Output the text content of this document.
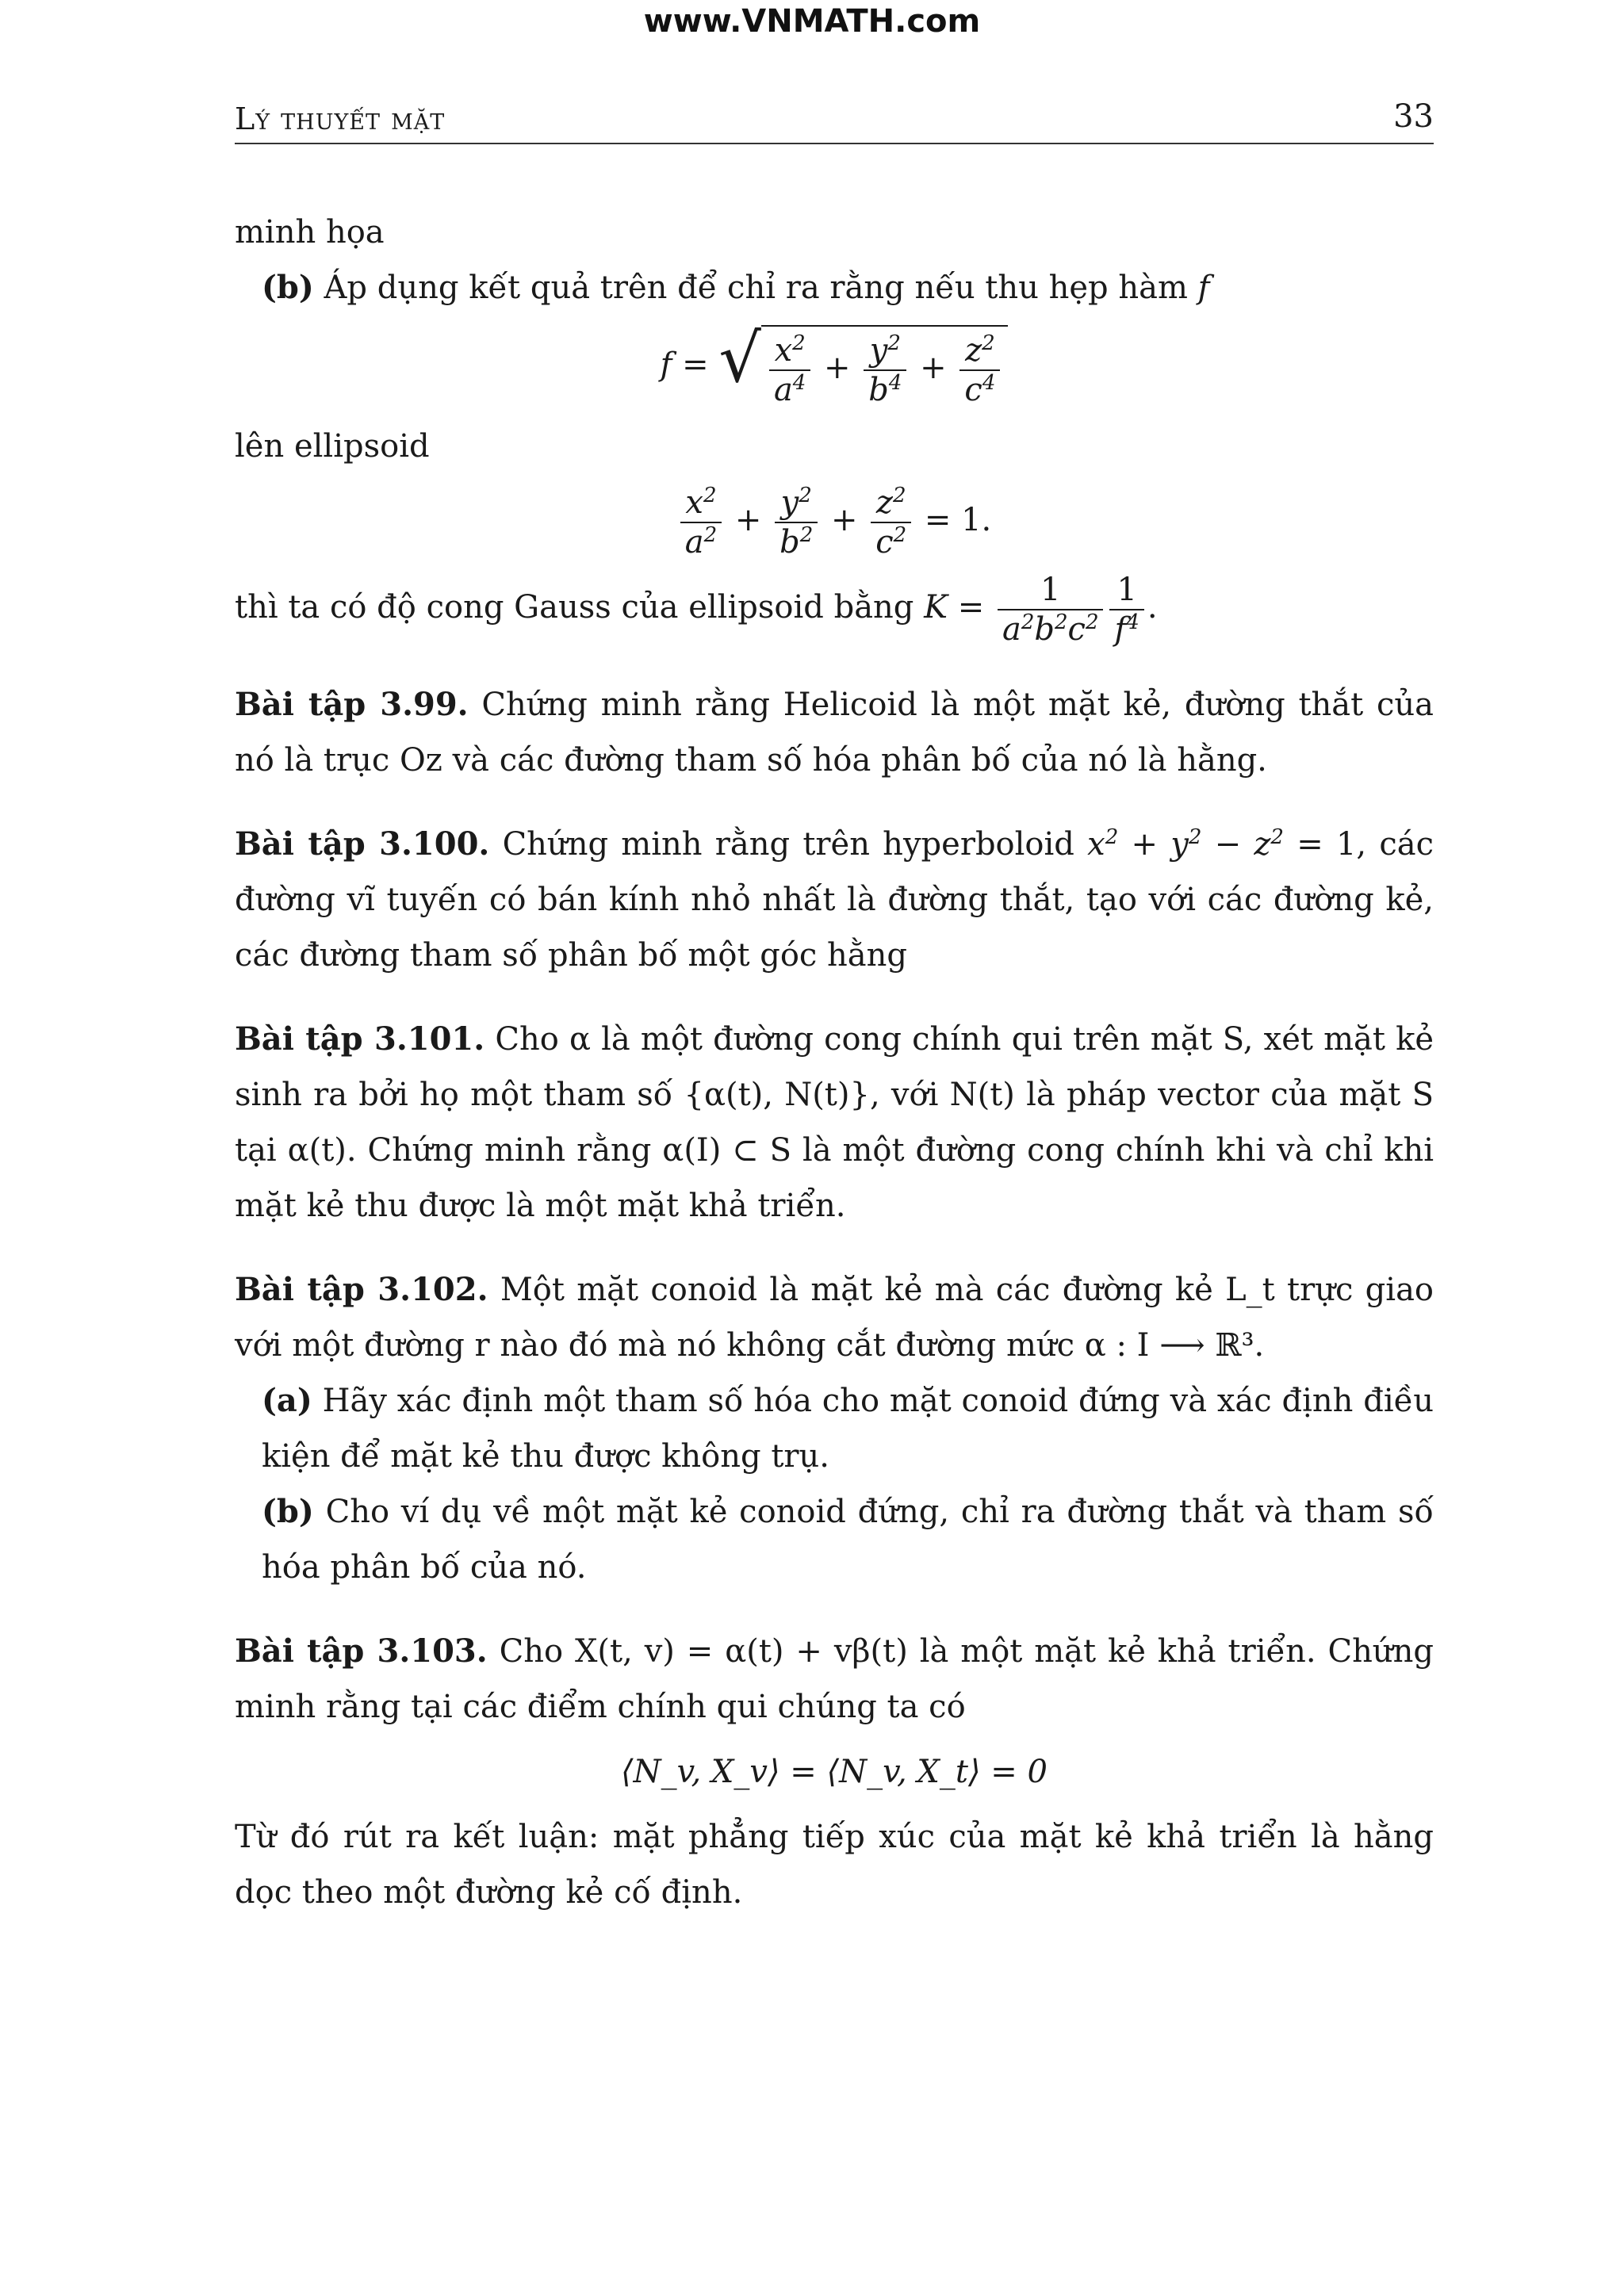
www.VNMATH.com
Lý thuyết mặt	33

minh họa

(b) Áp dụng kết quả trên để chỉ ra rằng nếu thu hẹp hàm f

f = √ $\frac{x^2}{a^4} + \frac{y^2}{b^4} + \frac{z^2}{c^4}$

lên ellipsoid

$\frac{x^2}{a^2} + \frac{y^2}{b^2} + \frac{z^2}{c^2} = 1$.

thì ta có độ cong Gauss của ellipsoid bằng $K = \frac{1}{a^2b^2c^2} \frac{1}{f^4}$ .

Bài tập 3.99. Chứng minh rằng Helicoid là một mặt kẻ, đường thắt của nó là trục Oz và các đường tham số hóa phân bố của nó là hằng.

Bài tập 3.100. Chứng minh rằng trên hyperboloid $x^2 + y^2 - z^2 = 1$, các đường vĩ tuyến có bán kính nhỏ nhất là đường thắt, tạo với các đường kẻ, các đường tham số phân bố một góc hằng

Bài tập 3.101. Cho α là một đường cong chính qui trên mặt S, xét mặt kẻ sinh ra bởi họ một tham số {α(t), N(t)}, với N(t) là pháp vector của mặt S tại α(t). Chứng minh rằng α(I) ⊂ S là một đường cong chính khi và chỉ khi mặt kẻ thu được là một mặt khả triển.

Bài tập 3.102. Một mặt conoid là mặt kẻ mà các đường kẻ L_t trực giao với một đường r nào đó mà nó không cắt đường mức α : I ⟶ ℝ³.

(a) Hãy xác định một tham số hóa cho mặt conoid đứng và xác định điều kiện để mặt kẻ thu được không trụ.

(b) Cho ví dụ về một mặt kẻ conoid đứng, chỉ ra đường thắt và tham số hóa phân bố của nó.

Bài tập 3.103. Cho X(t, v) = α(t) + vβ(t) là một mặt kẻ khả triển. Chứng minh rằng tại các điểm chính qui chúng ta có

⟨N_v, X_v⟩ = ⟨N_v, X_t⟩ = 0

Từ đó rút ra kết luận: mặt phẳng tiếp xúc của mặt kẻ khả triển là hằng dọc theo một đường kẻ cố định.
